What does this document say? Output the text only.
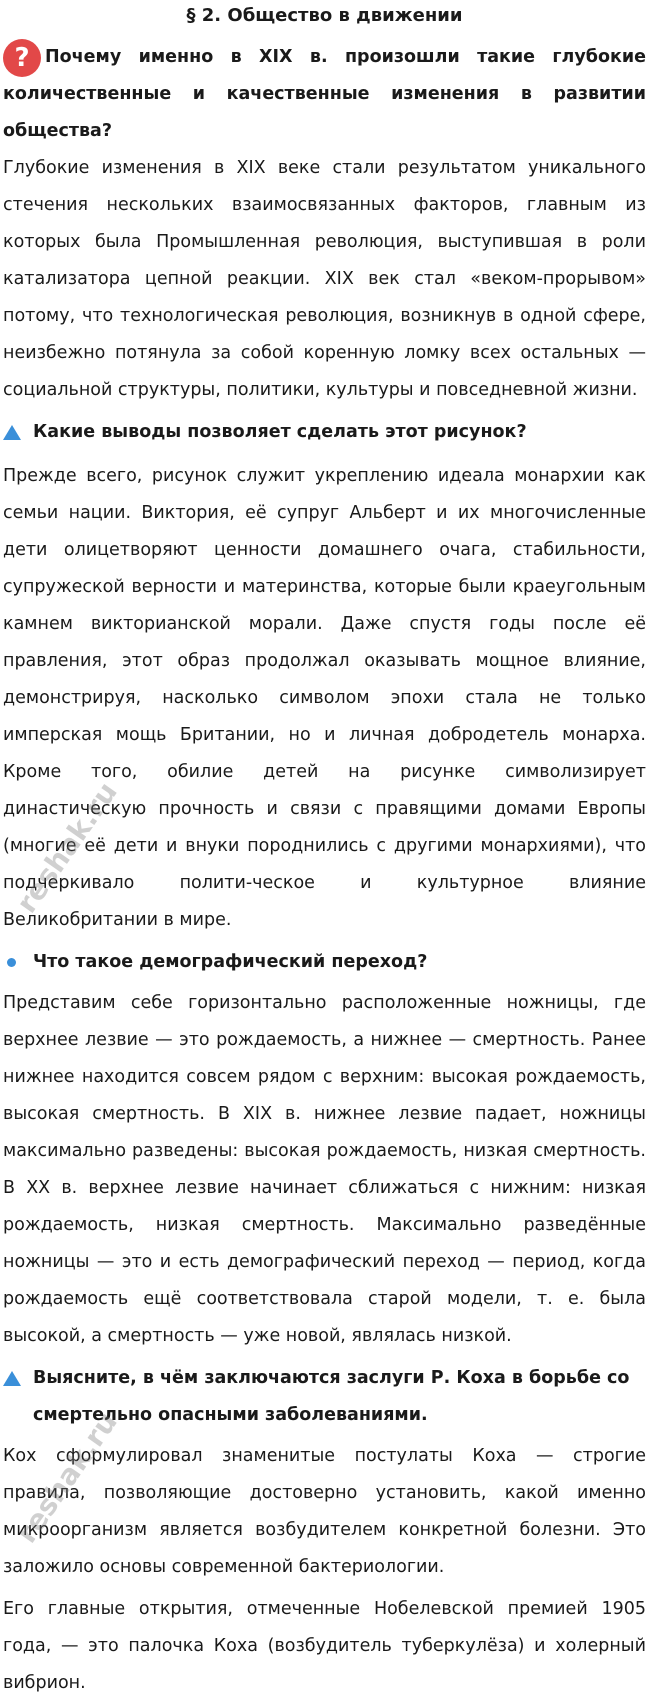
§ 2. Общество в движении

? Почему именно в XIX в. произошли такие глубокие количественные и качественные изменения в развитии общества?

Глубокие изменения в XIX веке стали результатом уникального стечения нескольких взаимосвязанных факторов, главным из которых была Промышленная революция, выступившая в роли катализатора цепной реакции. XIX век стал «веком-прорывом» потому, что технологическая революция, возникнув в одной сфере, неизбежно потянула за собой коренную ломку всех остальных — социальной структуры, политики, культуры и повседневной жизни.

Какие выводы позволяет сделать этот рисунок?

Прежде всего, рисунок служит укреплению идеала монархии как семьи нации. Виктория, её супруг Альберт и их многочисленные дети олицетворяют ценности домашнего очага, стабильности, супружеской верности и материнства, которые были краеугольным камнем викторианской морали. Даже спустя годы после её правления, этот образ продолжал оказывать мощное влияние, демонстрируя, насколько символом эпохи стала не только имперская мощь Британии, но и личная добродетель монарха. Кроме того, обилие детей на рисунке символизирует династическую прочность и связи с правящими домами Европы (многие её дети и внуки породнились с другими монархиями), что подчеркивало полити-ческое и культурное влияние Великобритании в мире.

Что такое демографический переход?

Представим себе горизонтально расположенные ножницы, где верхнее лезвие — это рождаемость, а нижнее — смертность. Ранее нижнее находится совсем рядом с верхним: высокая рождаемость, высокая смертность. В XIX в. нижнее лезвие падает, ножницы максимально разведены: высокая рождаемость, низкая смертность. В XX в. верхнее лезвие начинает сближаться с нижним: низкая рождаемость, низкая смертность. Максимально разведённые ножницы — это и есть демографический переход — период, когда рождаемость ещё соответствовала старой модели, т. е. была высокой, а смертность — уже новой, являлась низкой.

Выясните, в чём заключаются заслуги Р. Коха в борьбе со смертельно опасными заболеваниями.

Кох сформулировал знаменитые постулаты Коха — строгие правила, позволяющие достоверно установить, какой именно микроорганизм является возбудителем конкретной болезни. Это заложило основы современной бактериологии.

Его главные открытия, отмеченные Нобелевской премией 1905 года, — это палочка Коха (возбудитель туберкулёза) и холерный вибрион.

reshak.ru
reshak.ru
